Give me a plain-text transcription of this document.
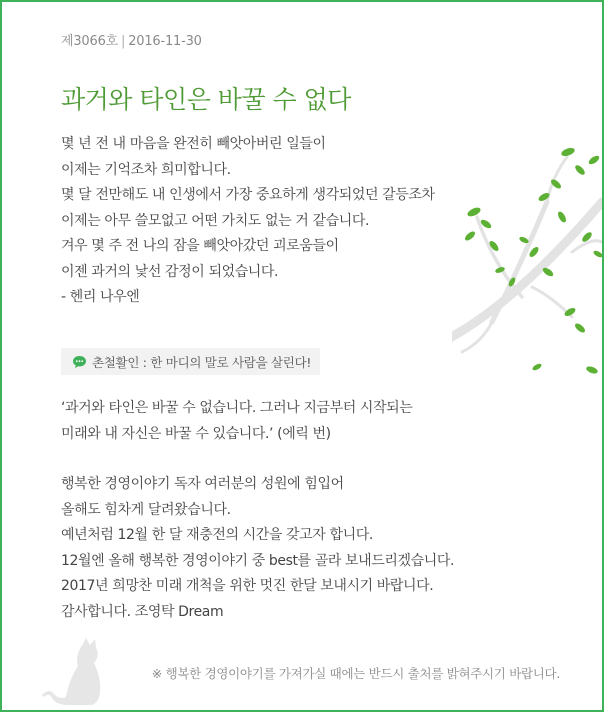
제3066호 | 2016-11-30
과거와 타인은 바꿀 수 없다
몇 년 전 내 마음을 완전히 빼앗아버린 일들이
이제는 기억조차 희미합니다.
몇 달 전만해도 내 인생에서 가장 중요하게 생각되었던 갈등조차
이제는 아무 쓸모없고 어떤 가치도 없는 거 같습니다.
겨우 몇 주 전 나의 잠을 빼앗아갔던 괴로움들이
이젠 과거의 낯선 감정이 되었습니다.
- 헨리 나우엔
촌철활인 : 한 마디의 말로 사람을 살린다!
‘과거와 타인은 바꿀 수 없습니다. 그러나 지금부터 시작되는
미래와 내 자신은 바꿀 수 있습니다.’ (에릭 번)
행복한 경영이야기 독자 여러분의 성원에 힘입어
올해도 힘차게 달려왔습니다.
예년처럼 12월 한 달 재충전의 시간을 갖고자 합니다.
12월엔 올해 행복한 경영이야기 중 best를 골라 보내드리겠습니다.
2017년 희망찬 미래 개척을 위한 멋진 한달 보내시기 바랍니다.
감사합니다. 조영탁 Dream
※ 행복한 경영이야기를 가져가실 때에는 반드시 출처를 밝혀주시기 바랍니다.
